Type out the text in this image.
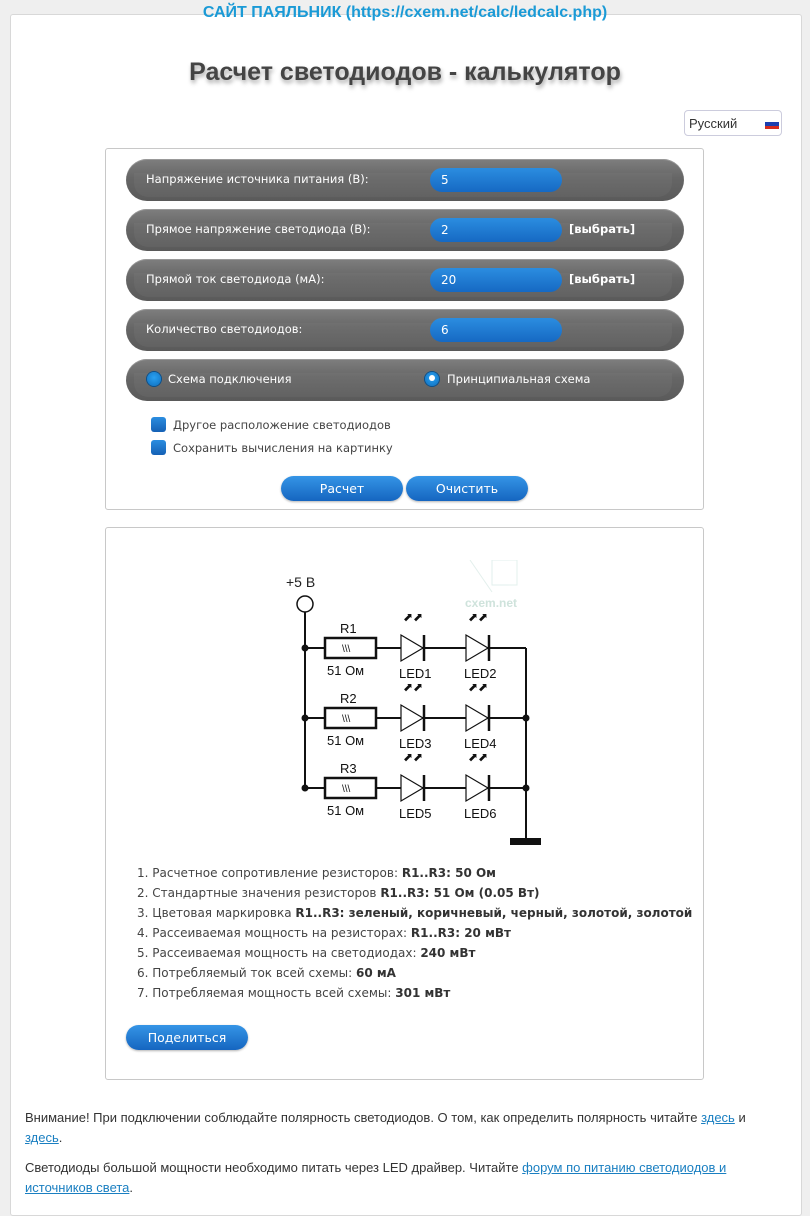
САЙТ ПАЯЛЬНИК (https://cxem.net/calc/ledcalc.php)
Расчет светодиодов - калькулятор
Русский
Напряжение источника питания (В):
5
Прямое напряжение светодиода (В):
2	[выбрать]
Прямой ток светодиода (мА):
20	[выбрать]
Количество светодиодов:
6
Схема подключения	Принципиальная схема
Другое расположение светодиодов
Сохранить вычисления на картинку
Расчет	Очистить
cxem.net
+5 В
\\\
R1
51 Ом
⬈⬈
LED1
⬈⬈
LED2
\\\
R2
51 Ом
⬈⬈
LED3
⬈⬈
LED4
\\\
R3
51 Ом
⬈⬈
LED5
⬈⬈
LED6
1. Расчетное сопротивление резисторов: R1..R3: 50 Ом
2. Стандартные значения резисторов R1..R3: 51 Ом (0.05 Вт)
3. Цветовая маркировка R1..R3: зеленый, коричневый, черный, золотой, золотой
4. Рассеиваемая мощность на резисторах: R1..R3: 20 мВт
5. Рассеиваемая мощность на светодиодах: 240 мВт
6. Потребляемый ток всей схемы: 60 мА
7. Потребляемая мощность всей схемы: 301 мВт
Поделиться
Внимание! При подключении соблюдайте полярность светодиодов. О том, как определить полярность читайте здесь и здесь.
Светодиоды большой мощности необходимо питать через LED драйвер. Читайте форум по питанию светодиодов и источников света.
